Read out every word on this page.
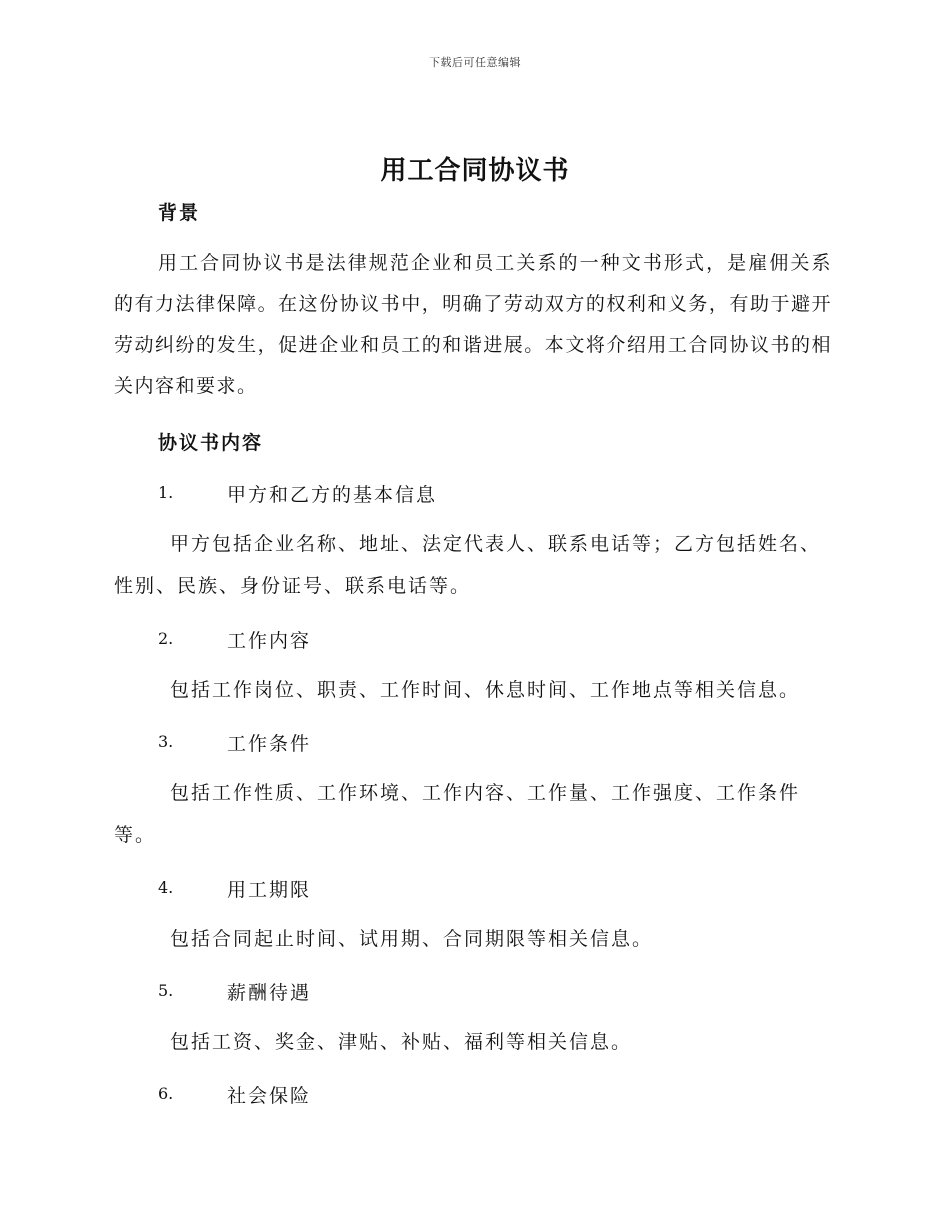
下载后可任意编辑
用工合同协议书
背景

用工合同协议书是法律规范企业和员工关系的一种文书形式，是雇佣关系的有力法律保障。在这份协议书中，明确了劳动双方的权利和义务，有助于避开劳动纠纷的发生，促进企业和员工的和谐进展。本文将介绍用工合同协议书的相关内容和要求。

协议书内容
1.	甲方和乙方的基本信息

甲方包括企业名称、地址、法定代表人、联系电话等；乙方包括姓名、性别、民族、身份证号、联系电话等。

2.	工作内容

包括工作岗位、职责、工作时间、休息时间、工作地点等相关信息。

3.	工作条件

包括工作性质、工作环境、工作内容、工作量、工作强度、工作条件等。

4.	用工期限

包括合同起止时间、试用期、合同期限等相关信息。

5.	薪酬待遇

包括工资、奖金、津贴、补贴、福利等相关信息。

6.	社会保险
